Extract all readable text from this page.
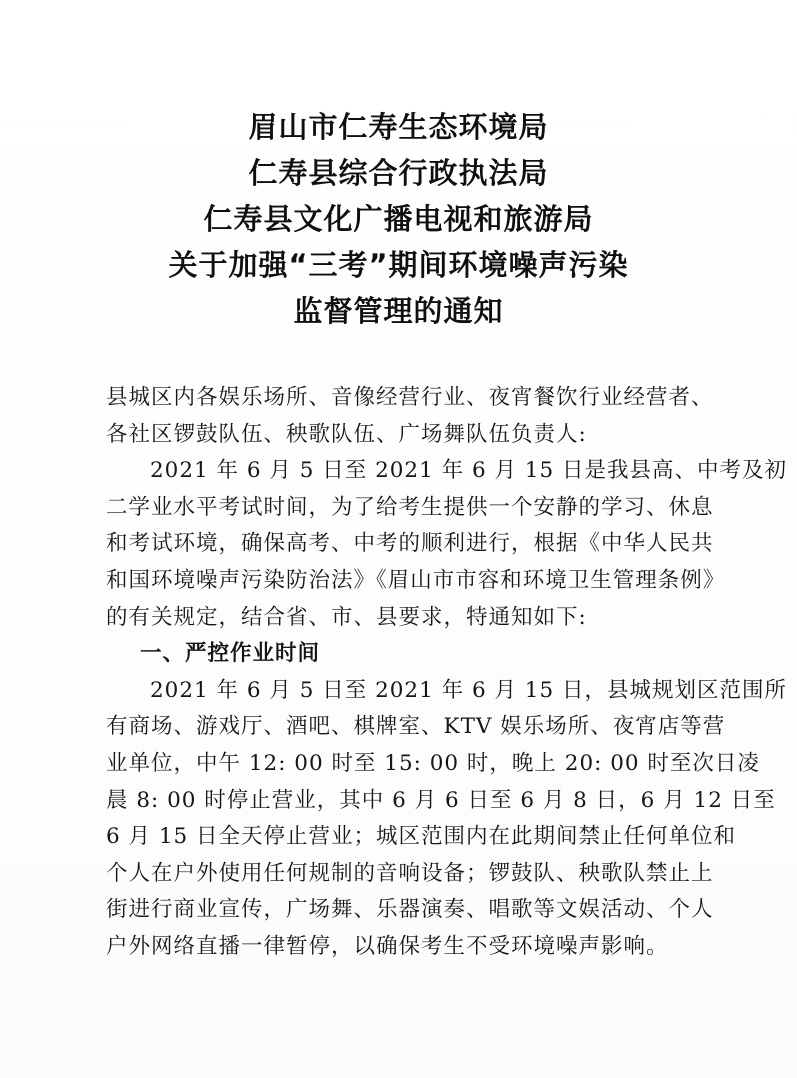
眉山市仁寿生态环境局
仁寿县综合行政执法局
仁寿县文化广播电视和旅游局
关于加强“三考”期间环境噪声污染
监督管理的通知
县城区内各娱乐场所、音像经营行业、夜宵餐饮行业经营者、
各社区锣鼓队伍、秧歌队伍、广场舞队伍负责人:
2021 年 6 月 5 日至 2021 年 6 月 15 日是我县高、中考及初
二学业水平考试时间，为了给考生提供一个安静的学习、休息
和考试环境，确保高考、中考的顺利进行，根据《中华人民共
和国环境噪声污染防治法》《眉山市市容和环境卫生管理条例》
的有关规定，结合省、市、县要求，特通知如下:
一、严控作业时间
2021 年 6 月 5 日至 2021 年 6 月 15 日，县城规划区范围所
有商场、游戏厅、酒吧、棋牌室、KTV 娱乐场所、夜宵店等营
业单位，中午 12: 00 时至 15: 00 时，晚上 20: 00 时至次日凌
晨 8: 00 时停止营业，其中 6 月 6 日至 6 月 8 日，6 月 12 日至
6 月 15 日全天停止营业；城区范围内在此期间禁止任何单位和
个人在户外使用任何规制的音响设备；锣鼓队、秧歌队禁止上
街进行商业宣传，广场舞、乐器演奏、唱歌等文娱活动、个人
户外网络直播一律暂停，以确保考生不受环境噪声影响。
